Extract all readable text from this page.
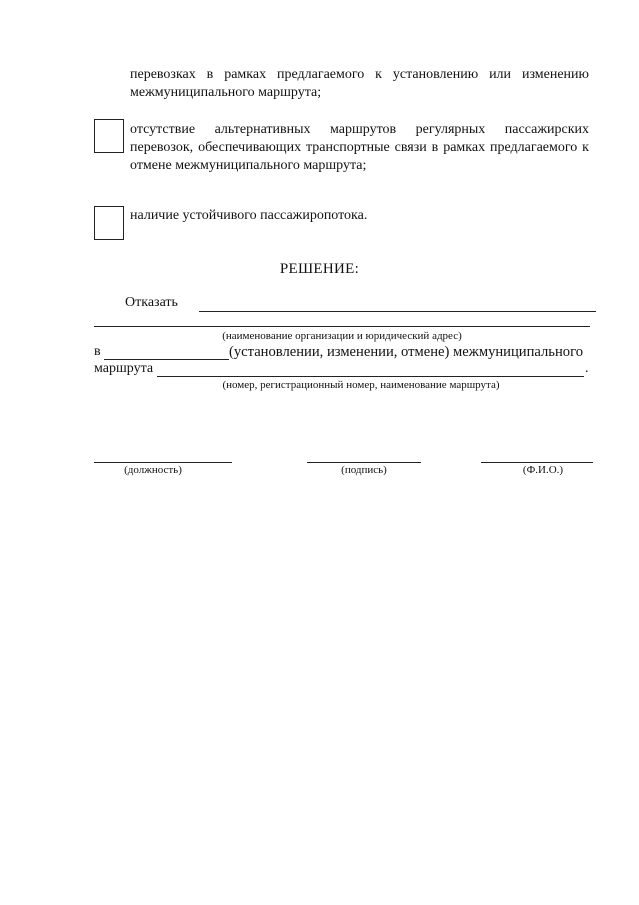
перевозках в рамках предлагаемого к установлению или изменению межмуниципального маршрута;

отсутствие альтернативных маршрутов регулярных пассажирских перевозок, обеспечивающих транспортные связи в рамках предлагаемого к отмене межмуниципального маршрута;

наличие устойчивого пассажиропотока.

РЕШЕНИЕ:
Отказать
(наименование организации и юридический адрес)
в	(установлении, изменении, отмене) межмуниципального
маршрута	.
(номер, регистрационный номер, наименование маршрута)
(должность)	(подпись)	(Ф.И.О.)
